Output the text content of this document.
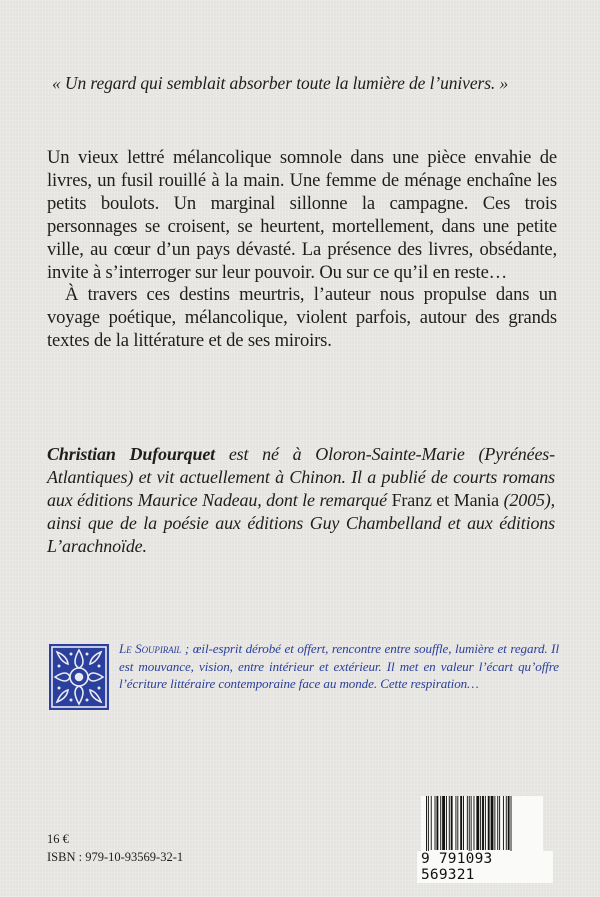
« Un regard qui semblait absorber toute la lumière de l’univers. »

Un vieux lettré mélancolique somnole dans une pièce envahie de livres, un fusil rouillé à la main. Une femme de ménage enchaîne les petits boulots. Un marginal sillonne la campagne. Ces trois personnages se croisent, se heurtent, mortellement, dans une petite ville, au cœur d’un pays dévasté. La présence des livres, obsédante, invite à s’interroger sur leur pouvoir. Ou sur ce qu’il en reste…

À travers ces destins meurtris, l’auteur nous propulse dans un voyage poétique, mélancolique, violent parfois, autour des grands textes de la littérature et de ses miroirs.

Christian Dufourquet est né à Oloron-Sainte-Marie (Pyrénées-Atlantiques) et vit actuellement à Chinon. Il a publié de courts romans aux éditions Maurice Nadeau, dont le remarqué Franz et Mania (2005), ainsi que de la poésie aux éditions Guy Chambelland et aux éditions L’arachnoïde.
Le Soupirail ; œil-esprit dérobé et offert, rencontre entre souffle, lumière et regard. Il est mouvance, vision, entre intérieur et extérieur. Il met en valeur l’écart qu’offre l’écriture littéraire contemporaine face au monde. Cette respiration…
16 €
ISBN : 979-10-93569-32-1	9 791093 569321
